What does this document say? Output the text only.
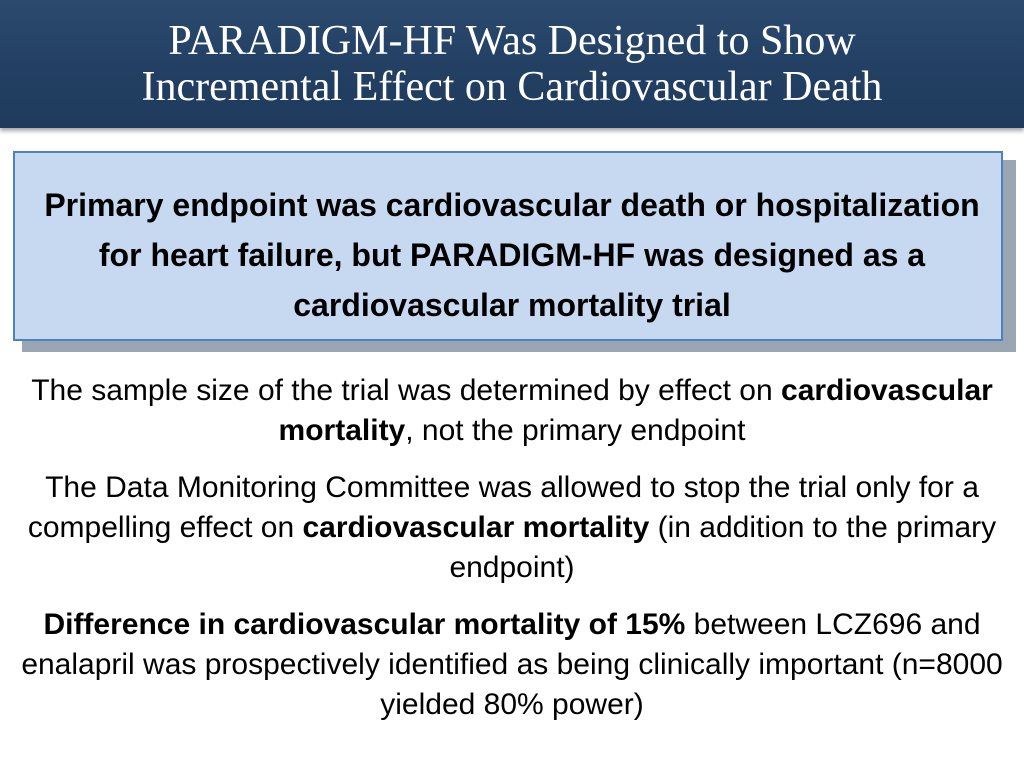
PARADIGM-HF Was Designed to Show
Incremental Effect on Cardiovascular Death

Primary endpoint was cardiovascular death or hospitalization for heart failure, but PARADIGM-HF was designed as a cardiovascular mortality trial

The sample size of the trial was determined by effect on cardiovascular mortality, not the primary endpoint
The Data Monitoring Committee was allowed to stop the trial only for a compelling effect on cardiovascular mortality (in addition to the primary endpoint)
Difference in cardiovascular mortality of 15% between LCZ696 and enalapril was prospectively identified as being clinically important (n=8000 yielded 80% power)
